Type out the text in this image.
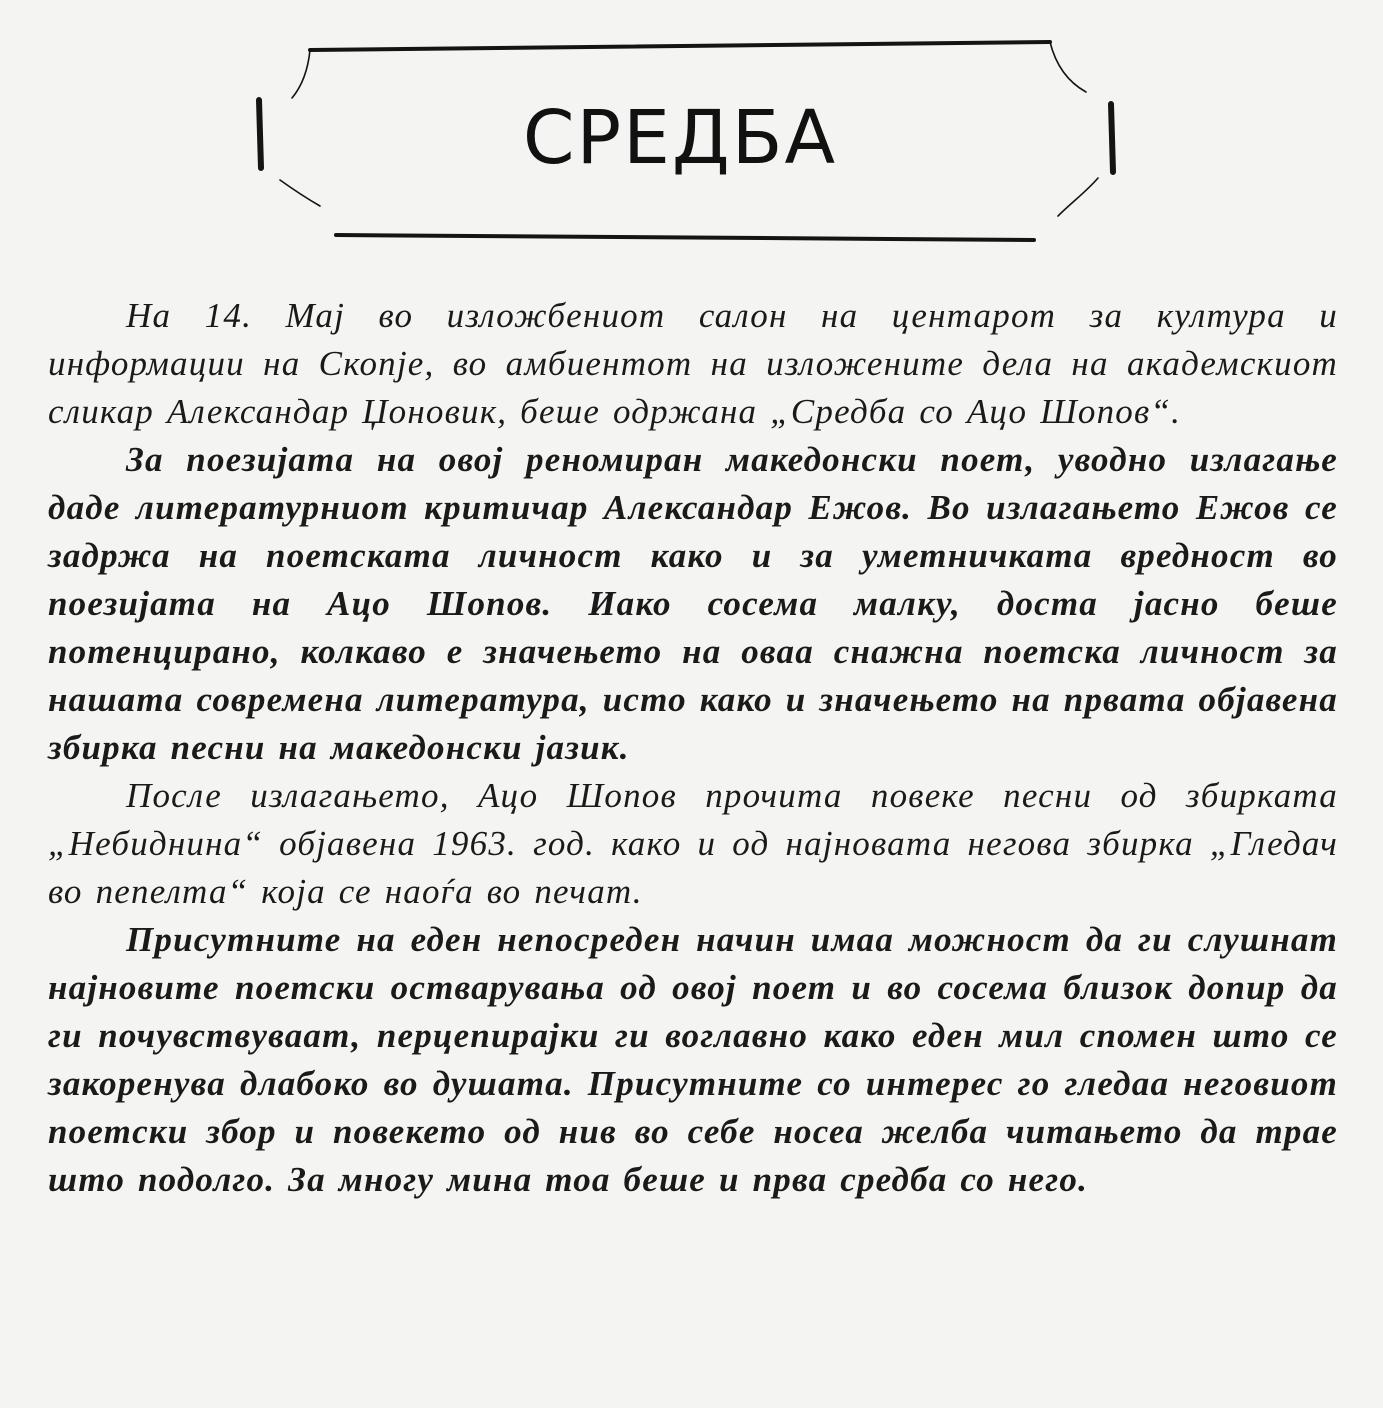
СРЕДБА

На 14. Мај во изложбениот салон на центарот за култура и информации на Скопје, во амбиентот на изложените дела на академскиот сликар Александар Џоновик, беше одржана „Средба со Ацо Шопов“.

За поезијата на овој реномиран македонски поет, уводно излагање даде литературниот критичар Александар Ежов. Во излагањето Ежов се задржа на поетската личност како и за уметничката вредност во поезијата на Ацо Шопов. Иако сосема малку, доста јасно беше потенцирано, колкаво е значењето на оваа снажна поетска личност за нашата современа литература, исто како и значењето на првата објавена збирка песни на македонски јазик.

После излагањето, Ацо Шопов прочита повеке песни од збирката „Небиднина“ објавена 1963. год. како и од најновата негова збирка „Гледач во пепелта“ која се наоѓа во печат.

Присутните на еден непосреден начин имаа можност да ги слушнат најновите поетски остварувања од овој поет и во сосема близок допир да ги почувствуваат, перцепирајки ги воглавно како еден мил спомен што се закоренува длабоко во душата. Присутните со интерес го гледаа неговиот поетски збор и повекето од нив во себе носеа желба читањето да трае што подолго. За многу мина тоа беше и прва средба со него.
